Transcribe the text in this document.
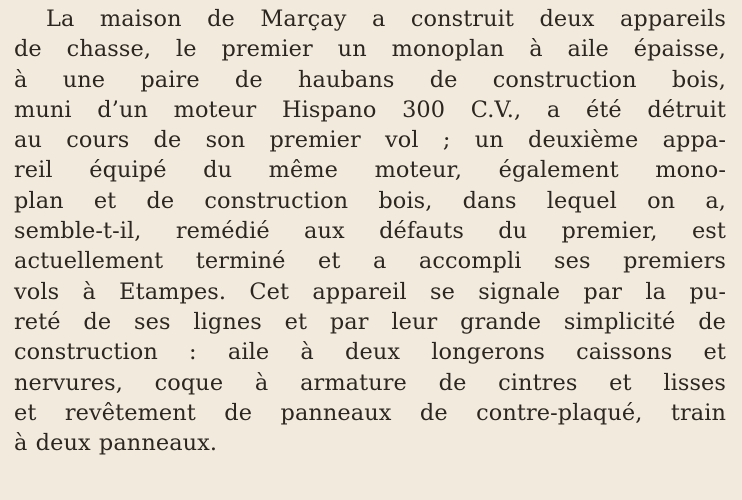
La maison de Marçay a construit deux appareils
de chasse, le premier un monoplan à aile épaisse,
à une paire de haubans de construction bois,
muni d’un moteur Hispano 300 C.V., a été détruit
au cours de son premier vol ; un deuxième appa-
reil équipé du même moteur, également mono-
plan et de construction bois, dans lequel on a,
semble-t-il, remédié aux défauts du premier, est
actuellement terminé et a accompli ses premiers
vols à Etampes. Cet appareil se signale par la pu-
reté de ses lignes et par leur grande simplicité de
construction : aile à deux longerons caissons et
nervures, coque à armature de cintres et lisses
et revêtement de panneaux de contre-plaqué, train
à deux panneaux.
